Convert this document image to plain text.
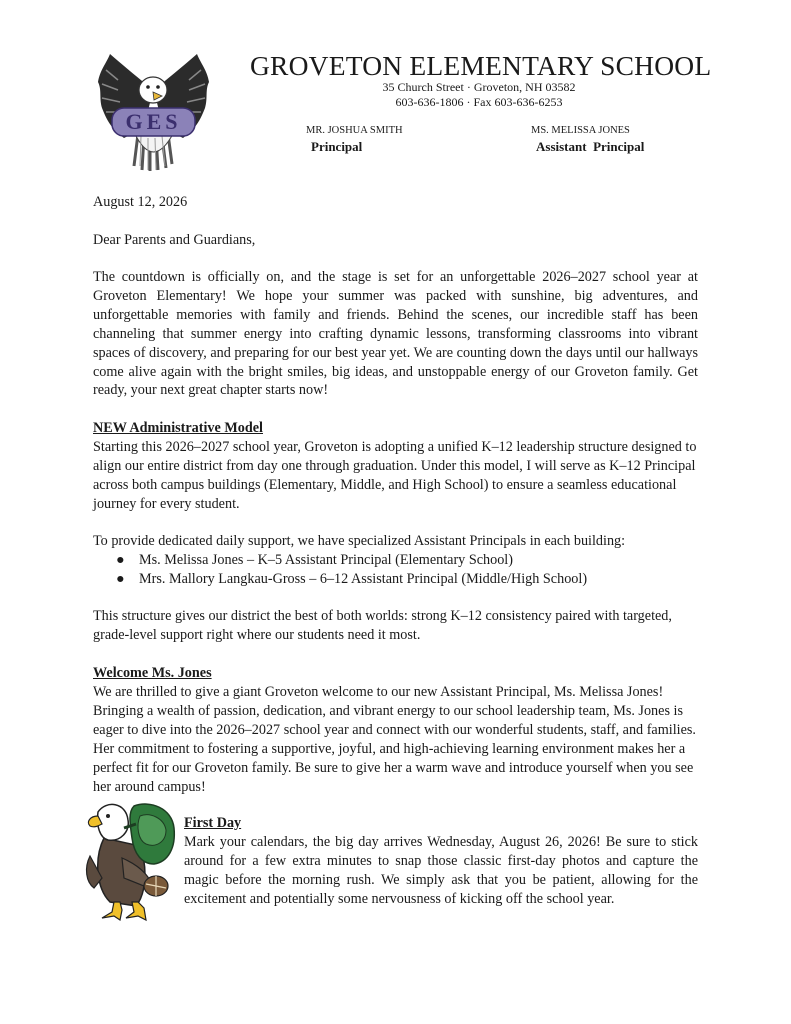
GES
GROVETON ELEMENTARY SCHOOL
35 Church Street · Groveton, NH 03582
603-636-1806 · Fax 603-636-6253
MR. JOSHUA SMITH
Principal
MS. MELISSA JONES
Assistant  Principal

August 12, 2026

Dear Parents and Guardians,

The countdown is officially on, and the stage is set for an unforgettable 2026–2027 school year at Groveton Elementary! We hope your summer was packed with sunshine, big adventures, and unforgettable memories with family and friends. Behind the scenes, our incredible staff has been channeling that summer energy into crafting dynamic lessons, transforming classrooms into vibrant spaces of discovery, and preparing for our best year yet. We are counting down the days until our hallways come alive again with the bright smiles, big ideas, and unstoppable energy of our Groveton family. Get ready, your next great chapter starts now!

NEW Administrative Model

Starting this 2026–2027 school year, Groveton is adopting a unified K–12 leadership structure designed to align our entire district from day one through graduation. Under this model, I will serve as K–12 Principal across both campus buildings (Elementary, Middle, and High School) to ensure a seamless educational journey for every student.

To provide dedicated daily support, we have specialized Assistant Principals in each building:

● Ms. Melissa Jones – K–5 Assistant Principal (Elementary School)
● Mrs. Mallory Langkau-Gross – 6–12 Assistant Principal (Middle/High School)

This structure gives our district the best of both worlds: strong K–12 consistency paired with targeted, grade-level support right where our students need it most.

Welcome Ms. Jones

We are thrilled to give a giant Groveton welcome to our new Assistant Principal, Ms. Melissa Jones! Bringing a wealth of passion, dedication, and vibrant energy to our school leadership team, Ms. Jones is eager to dive into the 2026–2027 school year and connect with our wonderful students, staff, and families. Her commitment to fostering a supportive, joyful, and high-achieving learning environment makes her a perfect fit for our Groveton family. Be sure to give her a warm wave and introduce yourself when you see her around campus!

First Day

Mark your calendars, the big day arrives Wednesday, August 26, 2026! Be sure to stick around for a few extra minutes to snap those classic first-day photos and capture the magic before the morning rush. We simply ask that you be patient, allowing for the excitement and potentially some nervousness of kicking off the school year.
